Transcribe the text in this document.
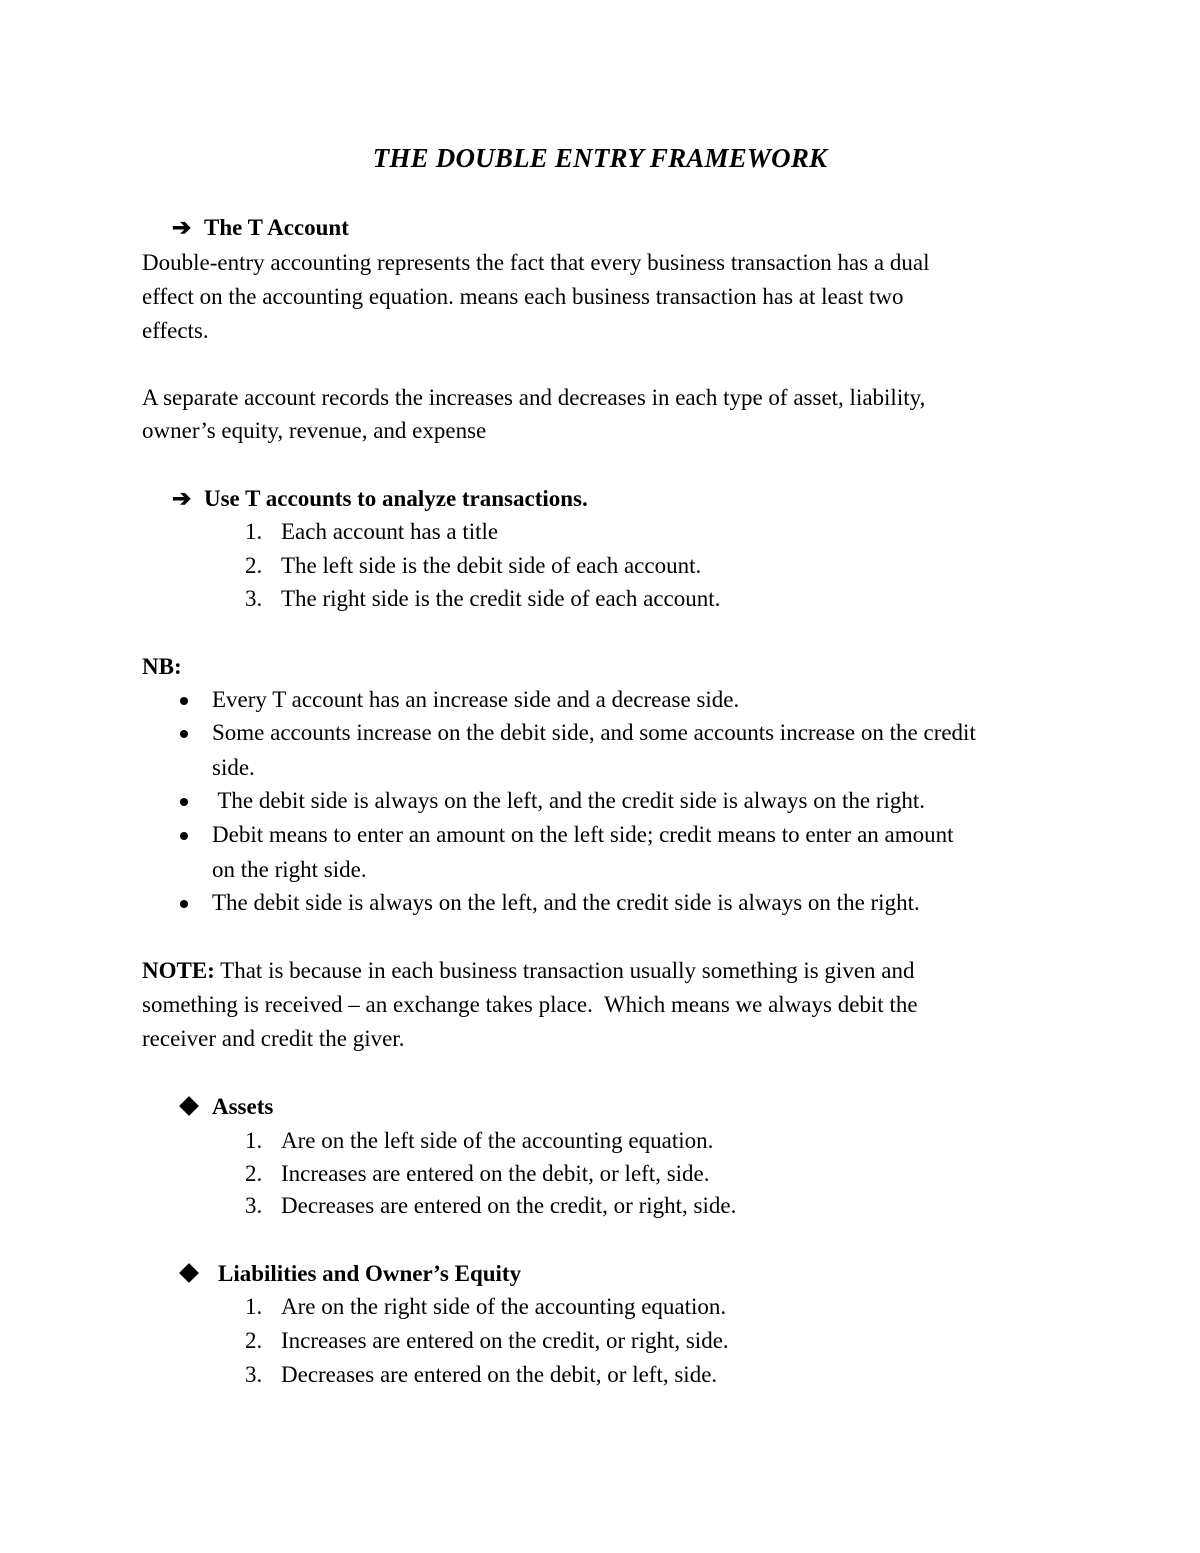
THE DOUBLE ENTRY FRAMEWORK
➔ The T Account
Double-entry accounting represents the fact that every business transaction has a dual
effect on the accounting equation. means each business transaction has at least two
effects.
A separate account records the increases and decreases in each type of asset, liability,
owner’s equity, revenue, and expense
➔ Use T accounts to analyze transactions.
1. Each account has a title
2. The left side is the debit side of each account.
3. The right side is the credit side of each account.
NB:
Every T account has an increase side and a decrease side.
Some accounts increase on the debit side, and some accounts increase on the credit
side.
The debit side is always on the left, and the credit side is always on the right.
Debit means to enter an amount on the left side; credit means to enter an amount
on the right side.
The debit side is always on the left, and the credit side is always on the right.
NOTE: That is because in each business transaction usually something is given and
something is received – an exchange takes place.  Which means we always debit the
receiver and credit the giver.
Assets
1. Are on the left side of the accounting equation.
2. Increases are entered on the debit, or left, side.
3. Decreases are entered on the credit, or right, side.
Liabilities and Owner’s Equity
1. Are on the right side of the accounting equation.
2. Increases are entered on the credit, or right, side.
3. Decreases are entered on the debit, or left, side.
